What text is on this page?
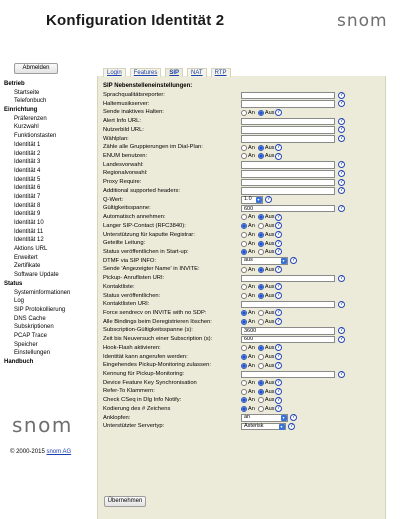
Konfiguration Identität 2	snom
Abmelden
Betrieb
Startseite
Telefonbuch
Einrichtung
Präferenzen
Kurzwahl
Funktionstasten
Identität 1
Identität 2
Identität 3
Identität 4
Identität 5
Identität 6
Identität 7
Identität 8
Identität 9
Identität 10
Identität 11
Identität 12
Aktions URL
Erweitert
Zertifikate
Software Update
Status
Systeminformationen
Log
SIP Protokollierung
DNS Cache
Subskriptionen
PCAP Trace
Speicher
Einstellungen
Handbuch
snom
© 2000-2015 snom AG
Login	Features	SIP	NAT	RTP
SIP Nebenstelleneinstellungen:
Sprachqualitätsreporter:	?
Haltemusikserver:	?
Sende inaktives Halten:	An Aus ?
Alert Info URL:	?
Nutzerbild URL:	?
Wählplan:	?
Zähle alle Gruppierungen im Dial-Plan:	An Aus ?
ENUM benutzen:	An Aus ?
Landesvorwahl:	?
Regionalvorwahl:	?
Proxy Require:	?
Additional supported headers:	?
Q-Wert:	1.0	▾	?
Gültigkeitsspanne:
600	?
Automatisch annehmen:	An Aus ?
Langer SIP-Contact (RFC3840):	An Aus ?
Unterstützung für kaputte Registrar:	An Aus ?
Geteilte Leitung:	An Aus ?
Status veröffentlichen in Start-up:	An Aus ?
DTMF via SIP INFO:	aus	▾	?
Sende 'Angezeigter Name' in INVITE:	An Aus ?
Pickup- Anruflisten URI:	?
Kontaktliste:	An Aus ?
Status veröffentlichen:	An Aus ?
Kontaktlisten URI:	?
Force sendrecv on INVITE with no SDP:	An Aus ?
Alle Bindings beim Deregistrieren löschen:	An Aus ?
Subscription-Gültigkeitsspanne (s):
3600	?
Zeit bis Neuversuch einer Subscription (s):
600	?
Hook-Flash aktivieren:	An Aus ?
Identität kann angerufen werden:	An Aus ?
Eingehendes Pickup-Monitoring zulassen:	An Aus ?
Kennung für Pickup-Monitoring:	?
Device Feature Key Synchronisation	An Aus ?
Refer-To Klammern:	An Aus ?
Check CSeq in Dlg Info Notify:	An Aus ?
Kodierung des # Zeichens	An Aus ?
Anklopfen:	an	▾	?
Unterstützter Servertyp:	Asterisk	▾	?
Übernehmen
